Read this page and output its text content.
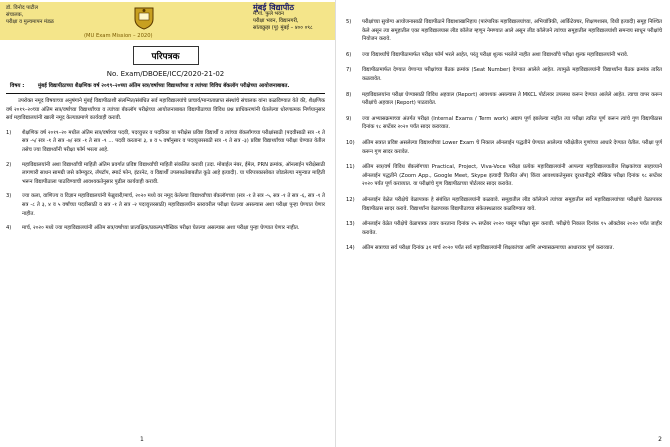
डॉ. विनोद पाटील
संचालक,
परीक्षा व मुल्यमापन मंडळ
(MU Exam Mission – 2020)
मुंबई विद्यापीठ
म.गां. फुले भवन
परीक्षा भवन, विद्यानगरी,
सांताक्रुझ (पू) मुंबई – ४०० ०९८
परिपत्रक
No. Exam/DBOEE/ICC/2020-21-02
विषय :	मुंबई विद्यापीठाच्या शैक्षणिक वर्ष २०१९–२०च्या अंतिम सत्र/वर्षाच्या विद्यार्थ्यांच्या व त्यांच्या विविध बॅकलॉग परीक्षेच्या आयोजनाबाबत.
उपरोक्त नमूद विषयाच्या अनुषंगाने मुंबई विद्यापीठाशी संलग्नित/संबंधित सर्व महाविद्यालयांचे प्राचार्य/मान्यताप्राप्त संस्थांचे संचालक यांना कळविण्यात येते की, शैक्षणिक वर्ष २०१९–२०च्या अंतिम सत्र/वर्षाच्या विद्यार्थ्यांच्या व त्यांच्या बॅकलॉग परीक्षेच्या आयोजनाबाबत विद्यापीठाच्या विविध प्रश्न प्राधिकरणांनी घेतलेल्या धोरणात्मक निर्णयानुसार सर्व महाविद्यालयांनी खाली नमूद केल्याप्रमाणे कार्यवाही करावी.
1)	शैक्षणिक वर्ष २०१९–२० मधील अंतिम सत्र/वर्षाच्या पदवी, पदव्युत्तर व पदविका या परीक्षेस प्रविष्ट विद्यार्थी व त्यांच्या बॅकलॉगच्या परीक्षांसाठी (पदवीसाठी सत्र -१ ते सत्र -५/ सत्र -१ ते सत्र -७/ सत्र -१ ते सत्र -९ ... पदवी करताना ३, ४ व ५ वर्षांनुसार व पदव्युत्तरसाठी सत्र -१ ते सत्र -३) प्रविष्ट विद्यार्थ्यांच्या परीक्षा घेण्यात येतील तसेच ज्या विद्यार्थ्यांनी परीक्षा फॉर्म भरला आहे.
2)	महाविद्यालयांनी अशा विद्यार्थ्यांची माहिती अंतिम प्रवर्गात प्रविष्ट विद्यार्थ्यांची माहिती संकलित करावी (उदा. मोबाईल नंबर, ईमेल, PRN क्रमांक, ऑनलाईन परीक्षेसाठी लागणारी साधन सामग्री जसे कॉम्प्युटर, लॅपटॉप, स्मार्ट फोन, इंटरनेट, व विद्यार्थी उपलब्धतेबाबतीत कुठे आहे इत्यादी). या परिपत्रकासोबत जोडलेल्या नमुन्यात माहिती भरून विद्यापीठाला पाठविण्याची आवश्यकतेनुसार पुढील कार्यवाही करावी.
3)	ज्या कला, वाणिज्य व विज्ञान महाविद्यालयांनी फेब्रुवारी/मार्च, २०२० मध्ये वर नमूद केलेल्या विद्यार्थ्यांच्या बॅकलॉगच्या (सत्र -१ ते सत्र -५, सत्र -१ ते सत्र -६, सत्र -१ ते सत्र -८ ते ३, ४ व ५ वर्षांच्या पदवीसाठी व सत्र -१ ते सत्र -२ पदव्युत्तरसाठी) महाविद्यालयीन स्तरावरील परीक्षा घेतल्या असल्यास अशा परीक्षा पुन्हा घेण्यात येणार नाहीत.
4)	मार्च, २०२० मध्ये ज्या महाविद्यालयांनी अंतिम सत्र/वर्षाच्या प्रात्यक्षिक/प्रकल्प/मौखिक परीक्षा घेतल्या असल्यास अशा परीक्षा पुन्हा घेण्यात येणार नाहीत.
1
5)	परीक्षांच्या सुयोग्य आयोजनासाठी विद्यापीठाने विद्याशाखानिहाय (पारंपारिक महाविद्यालयांच्या, अभियांत्रिकी, आर्किटेक्चर, शिक्षणशास्त्र, विधी इत्यादी) समूह निश्चित केले असून त्या समूहातील एका महाविद्यालयास लीड कॉलेज म्हणून नेमण्यात आले असून लीड कॉलेजने त्यांच्या समूहातील महाविद्यालयांशी समन्वय साधून परीक्षांचे नियोजन करावे.
6)	ज्या विद्यार्थ्यांचे विद्यापीठामार्फत परीक्षा फॉर्म भरले आहेत, परंतु परीक्षा शुल्क भरलेले नाहीत अशा विद्यार्थ्यांचे परीक्षा शुल्क महाविद्यालयांनी भरावे.
7)	विद्यापीठामार्फत देण्यात येणाऱ्या परीक्षांच्या बैठक क्रमांक (Seat Number) देण्यात आलेले आहेत. त्यामुळे महाविद्यालयांनी विद्यार्थ्यांना बैठक क्रमांक त्वरित कळवावेत.
8)	महाविद्यालयांना परीक्षा घेण्यासाठी विविध अहवाल (Report) आवश्यक असल्यास ते MKCL पोर्टलवर उपलब्ध करून देण्यात आलेले आहेत. त्याचा वापर करून परीक्षांचे अहवाल (Report) पाठवावेत.
9)	ज्या अभ्यासक्रमाच्या अंतर्गत परीक्षा (Internal Exams / Term work) अद्याप पूर्ण झालेल्या नाहीत त्या परीक्षा त्वरित पूर्ण करून त्यांचे गुण विद्यापीठास दिनांक १८ सप्टेंबर २०२० पर्यंत सादर कराव्यात.
10)	अंतिम सत्रात प्रविष्ट असलेल्या विद्यार्थ्यांच्या Lower Exam चे निकाल ऑनलाईन पद्धतीने घेण्यात आलेल्या परीक्षेतील गुणांच्या आधारे देण्यात येतील. परीक्षा पूर्ण करून गुण सादर करावेत.
11)	अंतिम सत्र/वर्ष विविध बॅकलॉगच्या Practical, Project, Viva-Voce परीक्षा प्रत्येक महाविद्यालयांनी आपल्या महाविद्यालयातील शिक्षकांच्या साहाय्याने ऑनलाईन पद्धतीने (Zoom App., Google Meet, Skype इत्यादी वितरित अ‍ॅप) किंवा आवश्यकतेनुसार दूरध्वनीद्वारे मौखिक परीक्षा दिनांक १८ सप्टेंबर २०२० पर्यंत पूर्ण कराव्यात. या परीक्षांचे गुण विद्यापीठाच्या पोर्टलवर सादर करावेत.
12)	ऑनलाईन वेळेत परीक्षेचे वेळापत्रक हे संबंधित महाविद्यालयांनी कळवावे. समूहातील लीड कॉलेजने त्यांच्या समूहातील सर्व महाविद्यालयांच्या परीक्षांचे वेळापत्रक विद्यापीठास सादर करावे. विद्यार्थ्यांना वेळापत्रक विद्यापीठाच्या संकेतस्थळावर कळविण्यात यावे.
13)	ऑनलाईन वेळेत परीक्षेचे वेळापत्रक तयार करताना दिनांक २५ सप्टेंबर २०२० पासून परीक्षा सुरू करावी. परीक्षेचे निकाल दिनांक १५ ऑक्टोबर २०२० पर्यंत जाहीर करावेत.
14)	अंतिम सत्राच्या सर्व परीक्षा दिनांक ३१ मार्च २०२० पर्यंत सर्व महाविद्यालयांनी शिक्षकांच्या आणि अभ्यासक्रमाच्या आधारावर पूर्ण कराव्यात.
2
